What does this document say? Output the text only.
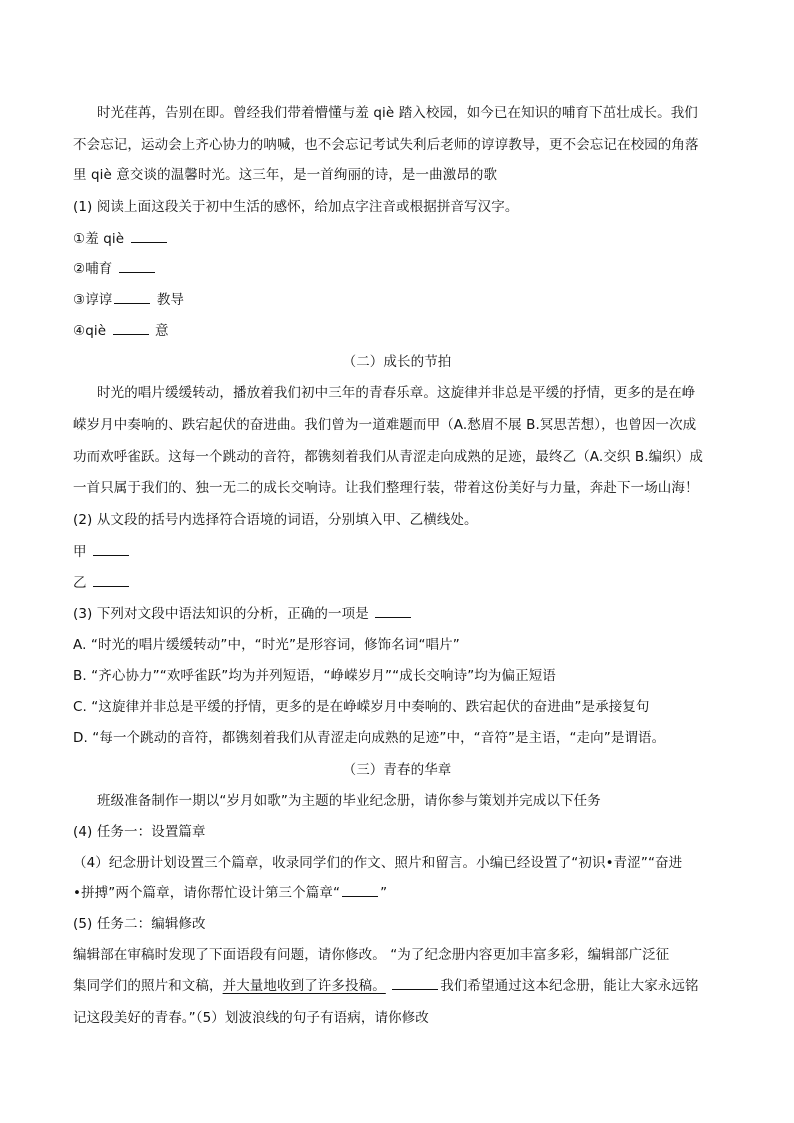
时光荏苒，告别在即。曾经我们带着懵懂与羞 qiè 踏入校园，如今已在知识的哺育下茁壮成长。我们
不会忘记，运动会上齐心协力的呐喊，也不会忘记考试失利后老师的谆谆教导，更不会忘记在校园的角落
里 qiè 意交谈的温馨时光。这三年，是一首绚丽的诗，是一曲激昂的歌
(1) 阅读上面这段关于初中生活的感怀，给加点字注音或根据拼音写汉字。
①羞 qiè
②哺育
③谆谆	教导
④qiè	意
（二）成长的节拍
时光的唱片缓缓转动，播放着我们初中三年的青春乐章。这旋律并非总是平缓的抒情，更多的是在峥
嵘岁月中奏响的、跌宕起伏的奋进曲。我们曾为一道难题而甲（A.愁眉不展 B.冥思苦想），也曾因一次成
功而欢呼雀跃。这每一个跳动的音符，都镌刻着我们从青涩走向成熟的足迹，最终乙（A.交织 B.编织）成
一首只属于我们的、独一无二的成长交响诗。让我们整理行装，带着这份美好与力量，奔赴下一场山海！
(2) 从文段的括号内选择符合语境的词语，分别填入甲、乙横线处。
甲
乙
(3) 下列对文段中语法知识的分析，正确的一项是
A. “时光的唱片缓缓转动”中，“时光”是形容词，修饰名词“唱片”
B. “齐心协力”“欢呼雀跃”均为并列短语，“峥嵘岁月”“成长交响诗”均为偏正短语
C. “这旋律并非总是平缓的抒情，更多的是在峥嵘岁月中奏响的、跌宕起伏的奋进曲”是承接复句
D. “每一个跳动的音符，都镌刻着我们从青涩走向成熟的足迹”中，“音符”是主语，“走向”是谓语。
（三）青春的华章
班级准备制作一期以“岁月如歌”为主题的毕业纪念册，请你参与策划并完成以下任务
(4) 任务一：设置篇章
（4）纪念册计划设置三个篇章，收录同学们的作文、照片和留言。小编已经设置了“初识•青涩”“奋进
•拼搏”两个篇章，请你帮忙设计第三个篇章“	”
(5) 任务二：编辑修改
编辑部在审稿时发现了下面语段有问题，请你修改。 “为了纪念册内容更加丰富多彩，编辑部广泛征
集同学们的照片和文稿，并大量地收到了许多投稿。	我们希望通过这本纪念册，能让大家永远铭
记这段美好的青春。”（5）划波浪线的句子有语病，请你修改
